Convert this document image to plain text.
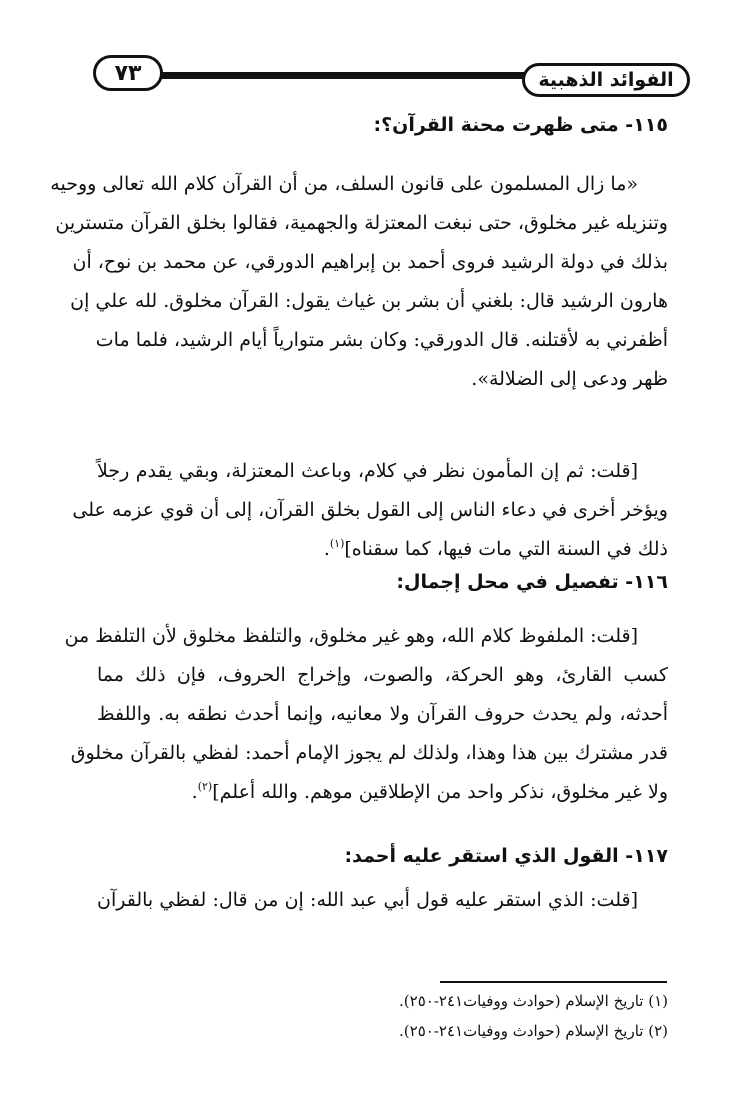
الفوائد الذهبية
٧٣
١١٥- متى ظهرت محنة القرآن؟:
«ما زال المسلمون على قانون السلف، من أن القرآن كلام الله تعالى ووحيه
وتنزيله غير مخلوق، حتى نبغت المعتزلة والجهمية، فقالوا بخلق القرآن متسترين
بذلك في دولة الرشيد فروى أحمد بن إبراهيم الدورقي، عن محمد بن نوح، أن
هارون الرشيد قال: بلغني أن بشر بن غياث يقول: القرآن مخلوق. لله علي إن
أظفرني به لأقتلنه. قال الدورقي: وكان بشر متوارياً أيام الرشيد، فلما مات
ظهر ودعى إلى الضلالة».
[قلت: ثم إن المأمون نظر في كلام، وباعث المعتزلة، وبقي يقدم رجلاً
ويؤخر أخرى في دعاء الناس إلى القول بخلق القرآن، إلى أن قوي عزمه على
ذلك في السنة التي مات فيها، كما سقناه]$^{(١)}$.
١١٦- تفصيل في محل إجمال:
[قلت: الملفوظ كلام الله، وهو غير مخلوق، والتلفظ مخلوق لأن التلفظ من
كسب القارئ، وهو الحركة، والصوت، وإخراج الحروف، فإن ذلك مما
أحدثه، ولم يحدث حروف القرآن ولا معانيه، وإنما أحدث نطقه به. واللفظ
قدر مشترك بين هذا وهذا، ولذلك لم يجوز الإمام أحمد: لفظي بالقرآن مخلوق
ولا غير مخلوق، نذكر واحد من الإطلاقين موهم. والله أعلم]$^{(٢)}$.
١١٧- القول الذي استقر عليه أحمد:
[قلت: الذي استقر عليه قول أبي عبد الله: إن من قال: لفظي بالقرآن
(١) تاريخ الإسلام (حوادث ووفيات٢٤١-٢٥٠).
(٢) تاريخ الإسلام (حوادث ووفيات٢٤١-٢٥٠).
